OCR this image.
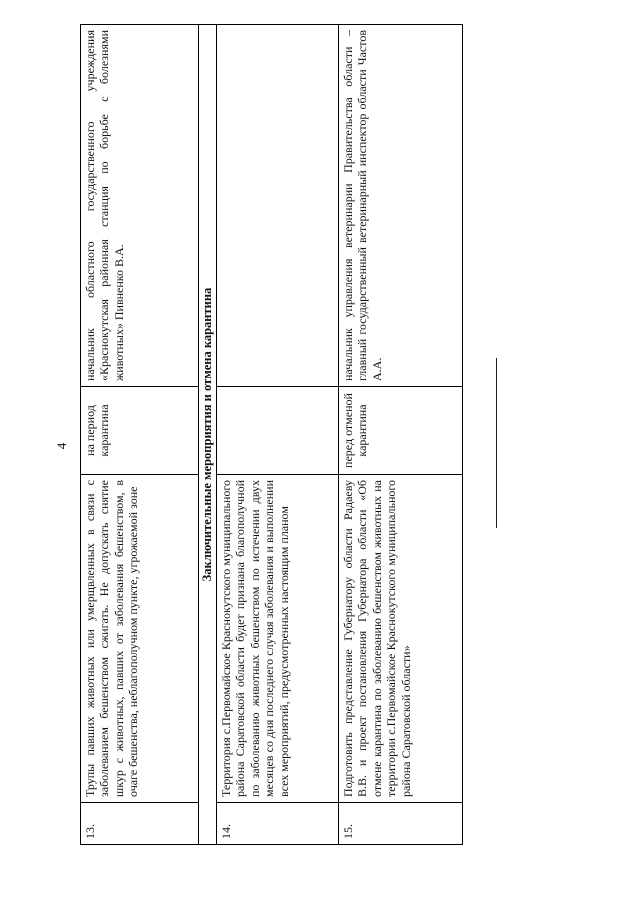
4
13.	Трупы павших животных или умерщвленных в связи с заболеванием бешенством сжигать. Не допускать снятие шкур с животных, павших от заболевания бешенством, в очаге бешенства, неблагополучном пункте, угрожаемой зоне	на период карантина	начальник областного государственного учреждения «Краснокутская районная станция по борьбе с болезнями животных» Пивненко В.А.
Заключительные мероприятия и отмена карантина			
14.	Территория с.Первомайское Краснокутского муниципального района Саратовской области будет признана благополучной по заболеванию животных бешенством по истечении двух месяцев со дня последнего случая заболевания и выполнении всех мероприятий, предусмотренных настоящим планом		
15.	Подготовить представление Губернатору области Радаеву В.В. и проект постановления Губернатора области «Об отмене карантина по заболеванию бешенством животных на территории с.Первомайское Краснокутского муниципального района Саратовской области»	перед отменой карантина	начальник управления ветеринарии Правительства области – главный государственный ветеринарный инспектор области Частов А.А.
